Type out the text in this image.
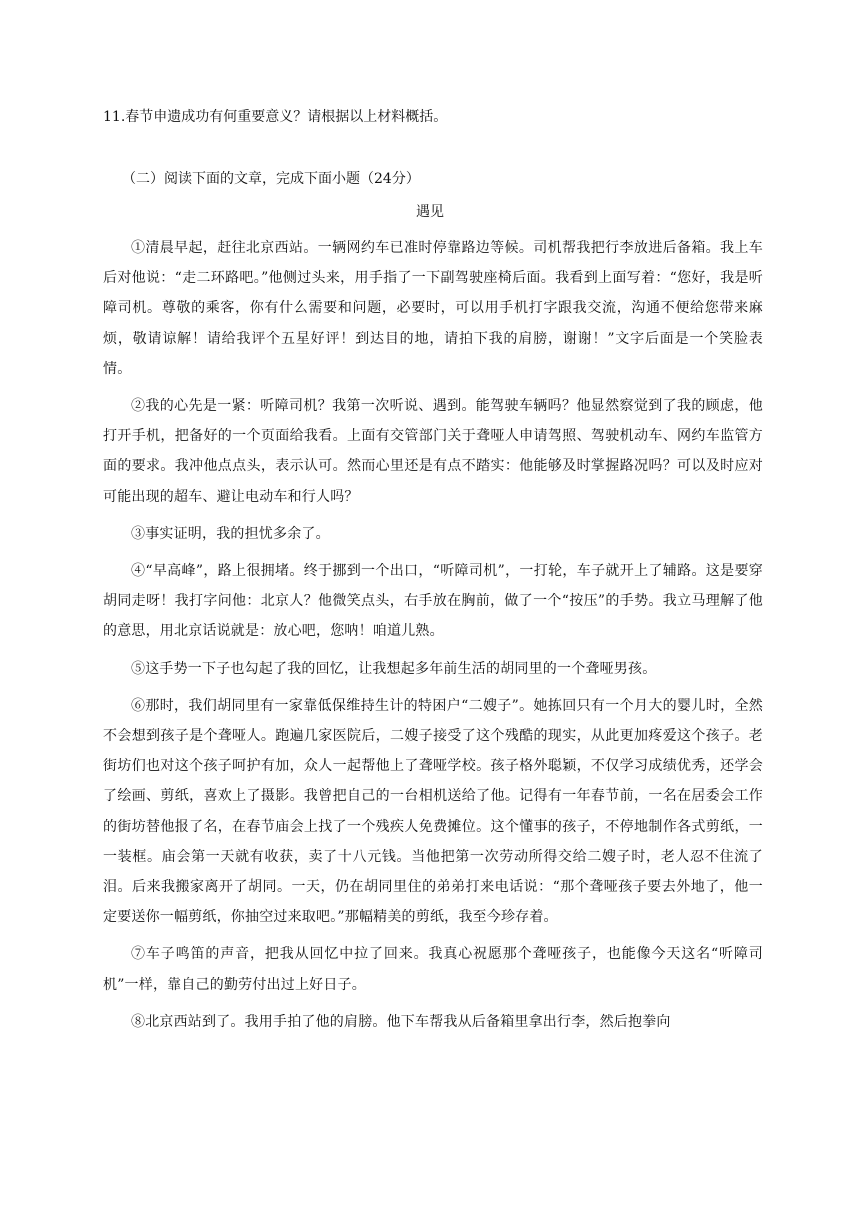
11.春节申遗成功有何重要意义？请根据以上材料概括。
（二）阅读下面的文章，完成下面小题（24分）
遇见

①清晨早起，赶往北京西站。一辆网约车已准时停靠路边等候。司机帮我把行李放进后备箱。我上车后对他说：“走二环路吧。”他侧过头来，用手指了一下副驾驶座椅后面。我看到上面写着：“您好，我是听障司机。尊敬的乘客，你有什么需要和问题，必要时，可以用手机打字跟我交流，沟通不便给您带来麻烦，敬请谅解！请给我评个五星好评！到达目的地，请拍下我的肩膀，谢谢！”文字后面是一个笑脸表情。

②我的心先是一紧：听障司机？我第一次听说、遇到。能驾驶车辆吗？他显然察觉到了我的顾虑，他打开手机，把备好的一个页面给我看。上面有交管部门关于聋哑人申请驾照、驾驶机动车、网约车监管方面的要求。我冲他点点头，表示认可。然而心里还是有点不踏实：他能够及时掌握路况吗？可以及时应对可能出现的超车、避让电动车和行人吗？

③事实证明，我的担忧多余了。

④“早高峰”，路上很拥堵。终于挪到一个出口，“听障司机”，一打轮，车子就开上了辅路。这是要穿胡同走呀！我打字问他：北京人？他微笑点头，右手放在胸前，做了一个“按压”的手势。我立马理解了他的意思，用北京话说就是：放心吧，您呐！咱道儿熟。

⑤这手势一下子也勾起了我的回忆，让我想起多年前生活的胡同里的一个聋哑男孩。

⑥那时，我们胡同里有一家靠低保维持生计的特困户“二嫂子”。她拣回只有一个月大的婴儿时，全然不会想到孩子是个聋哑人。跑遍几家医院后，二嫂子接受了这个残酷的现实，从此更加疼爱这个孩子。老街坊们也对这个孩子呵护有加，众人一起帮他上了聋哑学校。孩子格外聪颖，不仅学习成绩优秀，还学会了绘画、剪纸，喜欢上了摄影。我曾把自己的一台相机送给了他。记得有一年春节前，一名在居委会工作的街坊替他报了名，在春节庙会上找了一个残疾人免费摊位。这个懂事的孩子，不停地制作各式剪纸，一一装框。庙会第一天就有收获，卖了十八元钱。当他把第一次劳动所得交给二嫂子时，老人忍不住流了泪。后来我搬家离开了胡同。一天，仍在胡同里住的弟弟打来电话说：“那个聋哑孩子要去外地了，他一定要送你一幅剪纸，你抽空过来取吧。”那幅精美的剪纸，我至今珍存着。

⑦车子鸣笛的声音，把我从回忆中拉了回来。我真心祝愿那个聋哑孩子，也能像今天这名“听障司机”一样，靠自己的勤劳付出过上好日子。

⑧北京西站到了。我用手拍了他的肩膀。他下车帮我从后备箱里拿出行李，然后抱拳向
